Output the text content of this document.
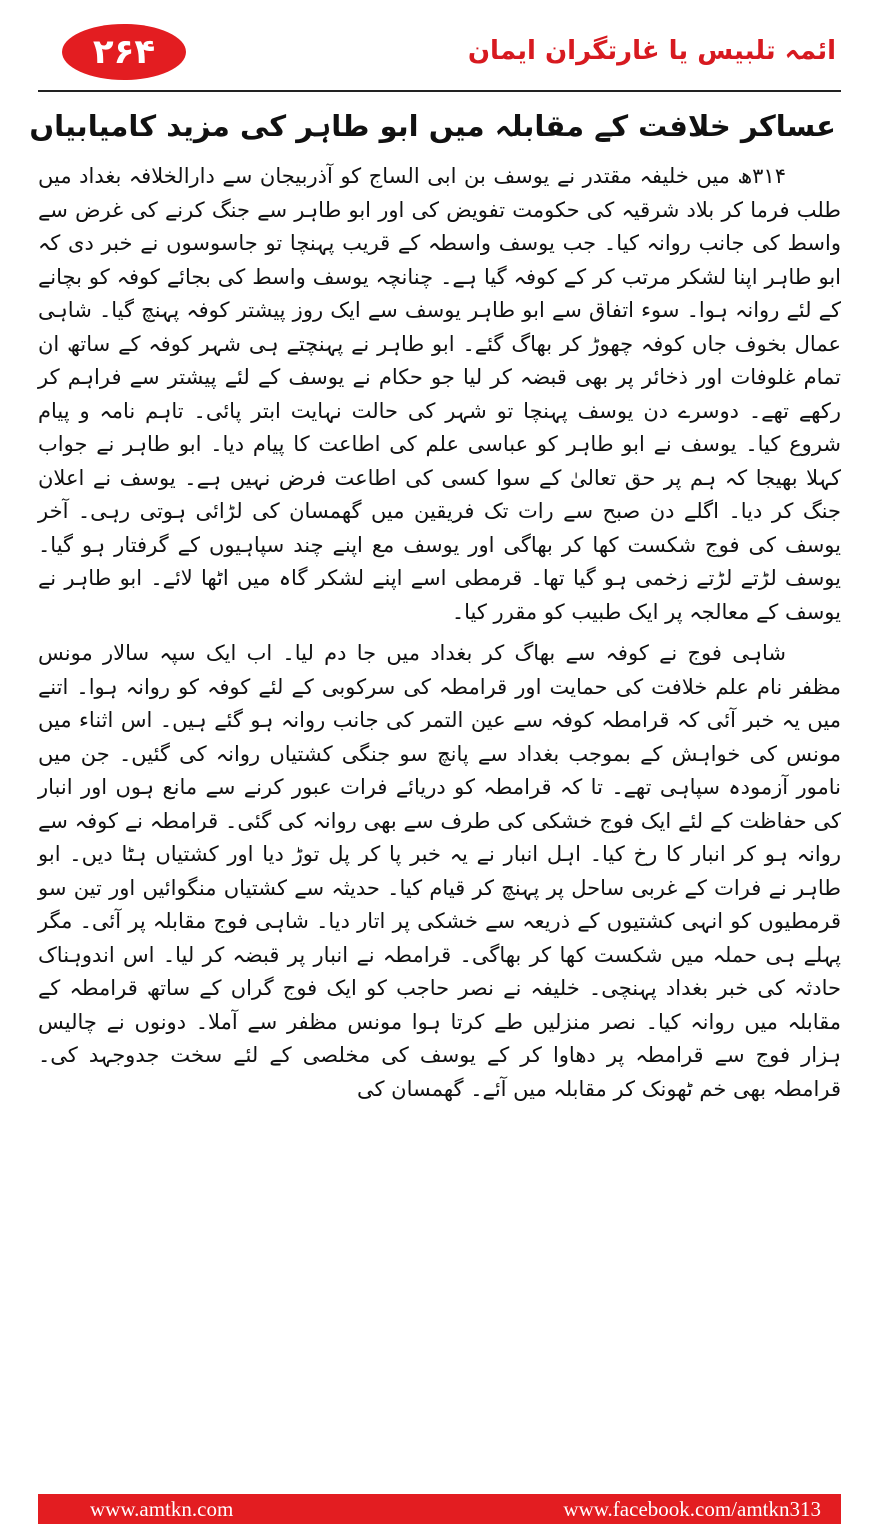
۲۶۴	ائمہ تلبیس یا غارتگران ایمان
عساکر خلافت کے مقابلہ میں ابو طاہر کی مزید کامیابیاں

۳۱۴ھ میں خلیفہ مقتدر نے یوسف بن ابی الساج کو آذربیجان سے دارالخلافہ بغداد میں طلب فرما کر بلاد شرقیہ کی حکومت تفویض کی اور ابو طاہر سے جنگ کرنے کی غرض سے واسط کی جانب روانہ کیا۔ جب یوسف واسطہ کے قریب پہنچا تو جاسوسوں نے خبر دی کہ ابو طاہر اپنا لشکر مرتب کر کے کوفہ گیا ہے۔ چنانچہ یوسف واسط کی بجائے کوفہ کو بچانے کے لئے روانہ ہوا۔ سوء اتفاق سے ابو طاہر یوسف سے ایک روز پیشتر کوفہ پہنچ گیا۔ شاہی عمال بخوف جاں کوفہ چھوڑ کر بھاگ گئے۔ ابو طاہر نے پہنچتے ہی شہر کوفہ کے ساتھ ان تمام غلوفات اور ذخائر پر بھی قبضہ کر لیا جو حکام نے یوسف کے لئے پیشتر سے فراہم کر رکھے تھے۔ دوسرے دن یوسف پہنچا تو شہر کی حالت نہایت ابتر پائی۔ تاہم نامہ و پیام شروع کیا۔ یوسف نے ابو طاہر کو عباسی علم کی اطاعت کا پیام دیا۔ ابو طاہر نے جواب کہلا بھیجا کہ ہم پر حق تعالیٰ کے سوا کسی کی اطاعت فرض نہیں ہے۔ یوسف نے اعلان جنگ کر دیا۔ اگلے دن صبح سے رات تک فریقین میں گھمسان کی لڑائی ہوتی رہی۔ آخر یوسف کی فوج شکست کھا کر بھاگی اور یوسف مع اپنے چند سپاہیوں کے گرفتار ہو گیا۔ یوسف لڑتے لڑتے زخمی ہو گیا تھا۔ قرمطی اسے اپنے لشکر گاہ میں اٹھا لائے۔ ابو طاہر نے یوسف کے معالجہ پر ایک طبیب کو مقرر کیا۔

شاہی فوج نے کوفہ سے بھاگ کر بغداد میں جا دم لیا۔ اب ایک سپہ سالار مونس مظفر نام علم خلافت کی حمایت اور قرامطہ کی سرکوبی کے لئے کوفہ کو روانہ ہوا۔ اتنے میں یہ خبر آئی کہ قرامطہ کوفہ سے عین التمر کی جانب روانہ ہو گئے ہیں۔ اس اثناء میں مونس کی خواہش کے بموجب بغداد سے پانچ سو جنگی کشتیاں روانہ کی گئیں۔ جن میں نامور آزمودہ سپاہی تھے۔ تا کہ قرامطہ کو دریائے فرات عبور کرنے سے مانع ہوں اور انبار کی حفاظت کے لئے ایک فوج خشکی کی طرف سے بھی روانہ کی گئی۔ قرامطہ نے کوفہ سے روانہ ہو کر انبار کا رخ کیا۔ اہل انبار نے یہ خبر پا کر پل توڑ دیا اور کشتیاں ہٹا دیں۔ ابو طاہر نے فرات کے غربی ساحل پر پہنچ کر قیام کیا۔ حدیثہ سے کشتیاں منگوائیں اور تین سو قرمطیوں کو انہی کشتیوں کے ذریعہ سے خشکی پر اتار دیا۔ شاہی فوج مقابلہ پر آئی۔ مگر پہلے ہی حملہ میں شکست کھا کر بھاگی۔ قرامطہ نے انبار پر قبضہ کر لیا۔ اس اندوہناک حادثہ کی خبر بغداد پہنچی۔ خلیفہ نے نصر حاجب کو ایک فوج گراں کے ساتھ قرامطہ کے مقابلہ میں روانہ کیا۔ نصر منزلیں طے کرتا ہوا مونس مظفر سے آملا۔ دونوں نے چالیس ہزار فوج سے قرامطہ پر دھاوا کر کے یوسف کی مخلصی کے لئے سخت جدوجہد کی۔ قرامطہ بھی خم ٹھونک کر مقابلہ میں آئے۔ گھمسان کی

www.amtkn.com	www.facebook.com/amtkn313
